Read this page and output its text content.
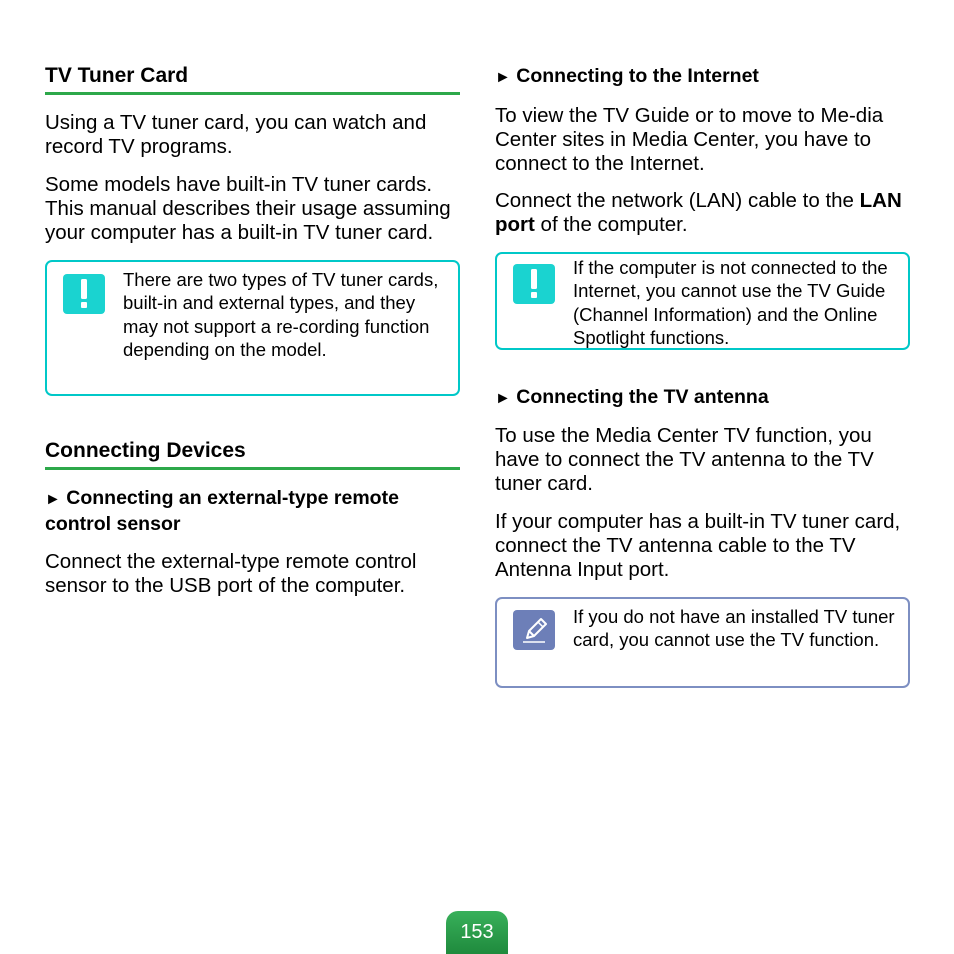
TV Tuner Card

Using a TV tuner card, you can watch and record TV programs.

Some models have built-in TV tuner cards. This manual describes their usage assuming your computer has a built-in TV tuner card.

There are two types of TV tuner cards, built-in and external types, and they may not support a re-cording function depending on the model.
Connecting Devices
► Connecting an external-type remote control sensor

Connect the external-type remote control sensor to the USB port of the computer.

► Connecting to the Internet

To view the TV Guide or to move to Me-dia Center sites in Media Center, you have to connect to the Internet.

Connect the network (LAN) cable to the LAN port of the computer.

If the computer is not connected to the Internet, you cannot use the TV Guide (Channel Information) and the Online Spotlight functions.
► Connecting the TV antenna

To use the Media Center TV function, you have to connect the TV antenna to the TV tuner card.

If your computer has a built-in TV tuner card, connect the TV antenna cable to the TV Antenna Input port.

If you do not have an installed TV tuner card, you cannot use the TV function.
153
